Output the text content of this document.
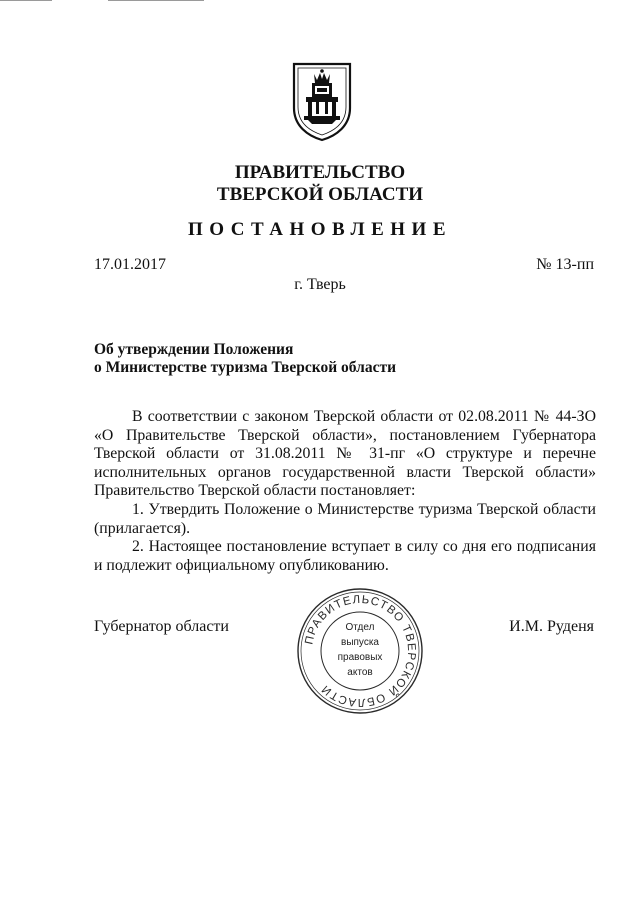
ПРАВИТЕЛЬСТВО
ТВЕРСКОЙ ОБЛАСТИ
ПОСТАНОВЛЕНИЕ
17.01.2017	№ 13-пп
г. Тверь
Об утверждении Положения
о Министерстве туризма Тверской области

В соответствии с законом Тверской области от 02.08.2011 № 44-ЗО «О Правительстве Тверской области», постановлением Губернатора Тверской области от 31.08.2011 № 31-пг «О структуре и перечне исполнительных органов государственной власти Тверской области» Правительство Тверской области постановляет:

1. Утвердить Положение о Министерстве туризма Тверской области (прилагается).

2. Настоящее постановление вступает в силу со дня его подписания и подлежит официальному опубликованию.

Губернатор области	И.М. Руденя
ПРАВИТЕЛЬСТВО ТВЕРСКОЙ ОБЛАСТИ
Отдел
выпуска
правовых
актов
